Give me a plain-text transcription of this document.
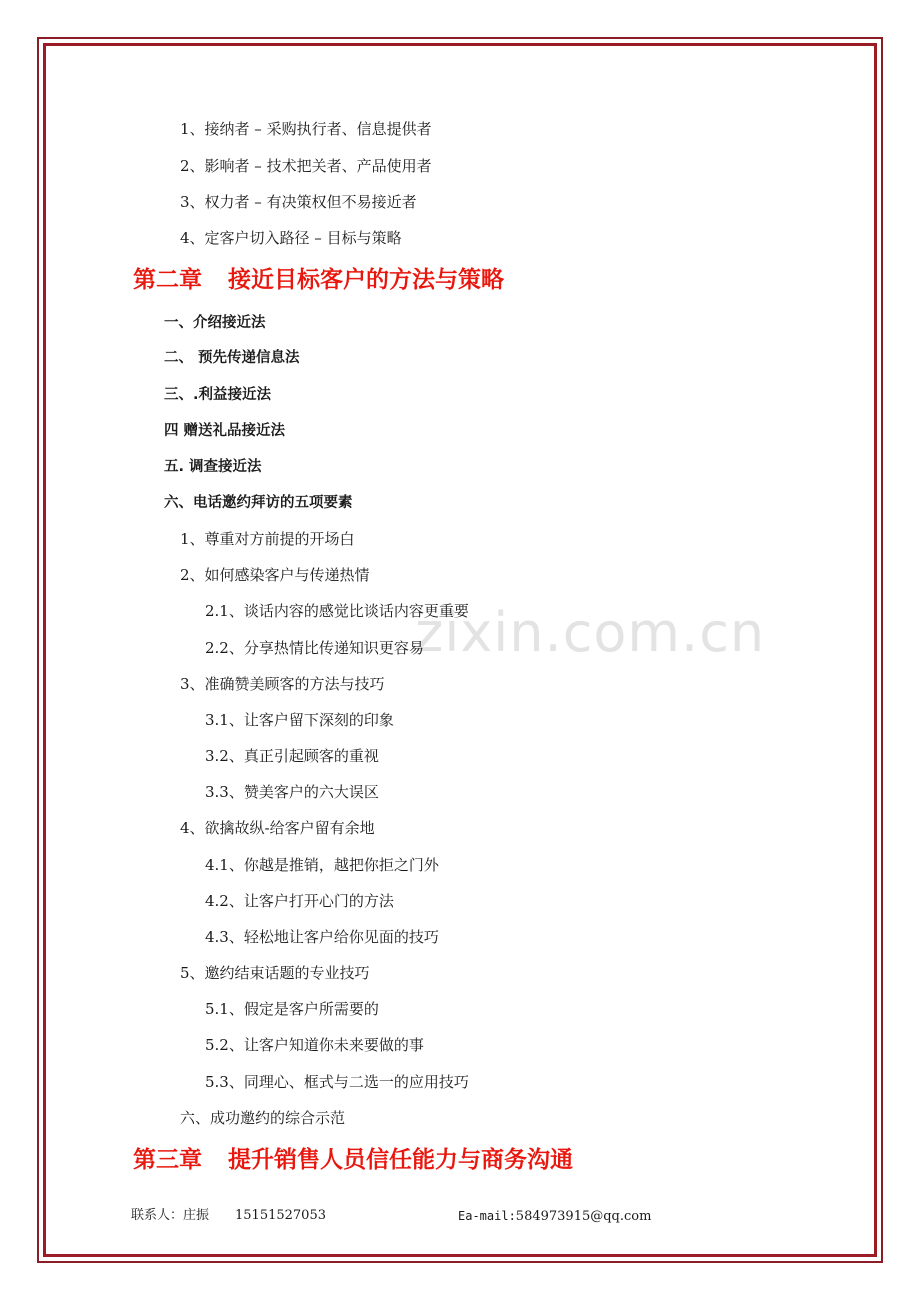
zixin.com.cn
1、接纳者 – 采购执行者、信息提供者
2、影响者 – 技术把关者、产品使用者
3、权力者 – 有决策权但不易接近者
4、定客户切入路径 – 目标与策略
第二章 接近目标客户的方法与策略
一、介绍接近法
二、 预先传递信息法
三、.利益接近法
四 赠送礼品接近法
五. 调查接近法
六、电话邀约拜访的五项要素
1、尊重对方前提的开场白
2、如何感染客户与传递热情
2.1、谈话内容的感觉比谈话内容更重要
2.2、分享热情比传递知识更容易
3、准确赞美顾客的方法与技巧
3.1、让客户留下深刻的印象
3.2、真正引起顾客的重视
3.3、赞美客户的六大误区
4、欲擒故纵-给客户留有余地
4.1、你越是推销，越把你拒之门外
4.2、让客户打开心门的方法
4.3、轻松地让客户给你见面的技巧
5、邀约结束话题的专业技巧
5.1、假定是客户所需要的
5.2、让客户知道你未来要做的事
5.3、同理心、框式与二选一的应用技巧
六、成功邀约的综合示范
第三章 提升销售人员信任能力与商务沟通
联系人：庄振 15151527053	Ea-mail:584973915@qq.com
